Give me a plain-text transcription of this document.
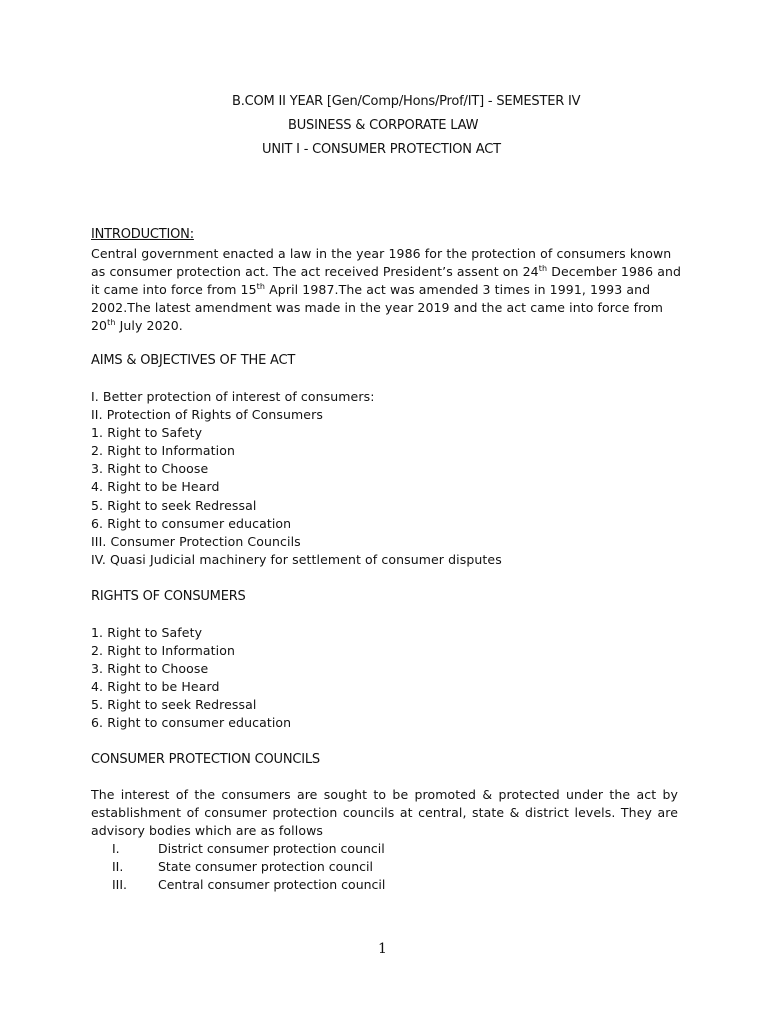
B.COM II YEAR [Gen/Comp/Hons/Prof/IT] - SEMESTER IV
BUSINESS & CORPORATE LAW
UNIT I - CONSUMER PROTECTION ACT
INTRODUCTION:
Central government enacted a law in the year 1986 for the protection of consumers known as consumer protection act. The act received President’s assent on 24th December 1986 and it came into force from 15th April 1987.The act was amended 3 times in 1991, 1993 and 2002.The latest amendment was made in the year 2019 and the act came into force from 20th July 2020.
AIMS & OBJECTIVES OF THE ACT
I. Better protection of interest of consumers:
II. Protection of Rights of Consumers
1. Right to Safety
2. Right to Information
3. Right to Choose
4. Right to be Heard
5. Right to seek Redressal
6. Right to consumer education
III. Consumer Protection Councils
IV. Quasi Judicial machinery for settlement of consumer disputes
RIGHTS OF CONSUMERS
1. Right to Safety
2. Right to Information
3. Right to Choose
4. Right to be Heard
5. Right to seek Redressal
6. Right to consumer education
CONSUMER PROTECTION COUNCILS
The interest of the consumers are sought to be promoted & protected under the act by establishment of consumer protection councils at central, state & district levels. They are advisory bodies which are as follows
I.	District consumer protection council
II.	State consumer protection council
III.	Central consumer protection council
1
